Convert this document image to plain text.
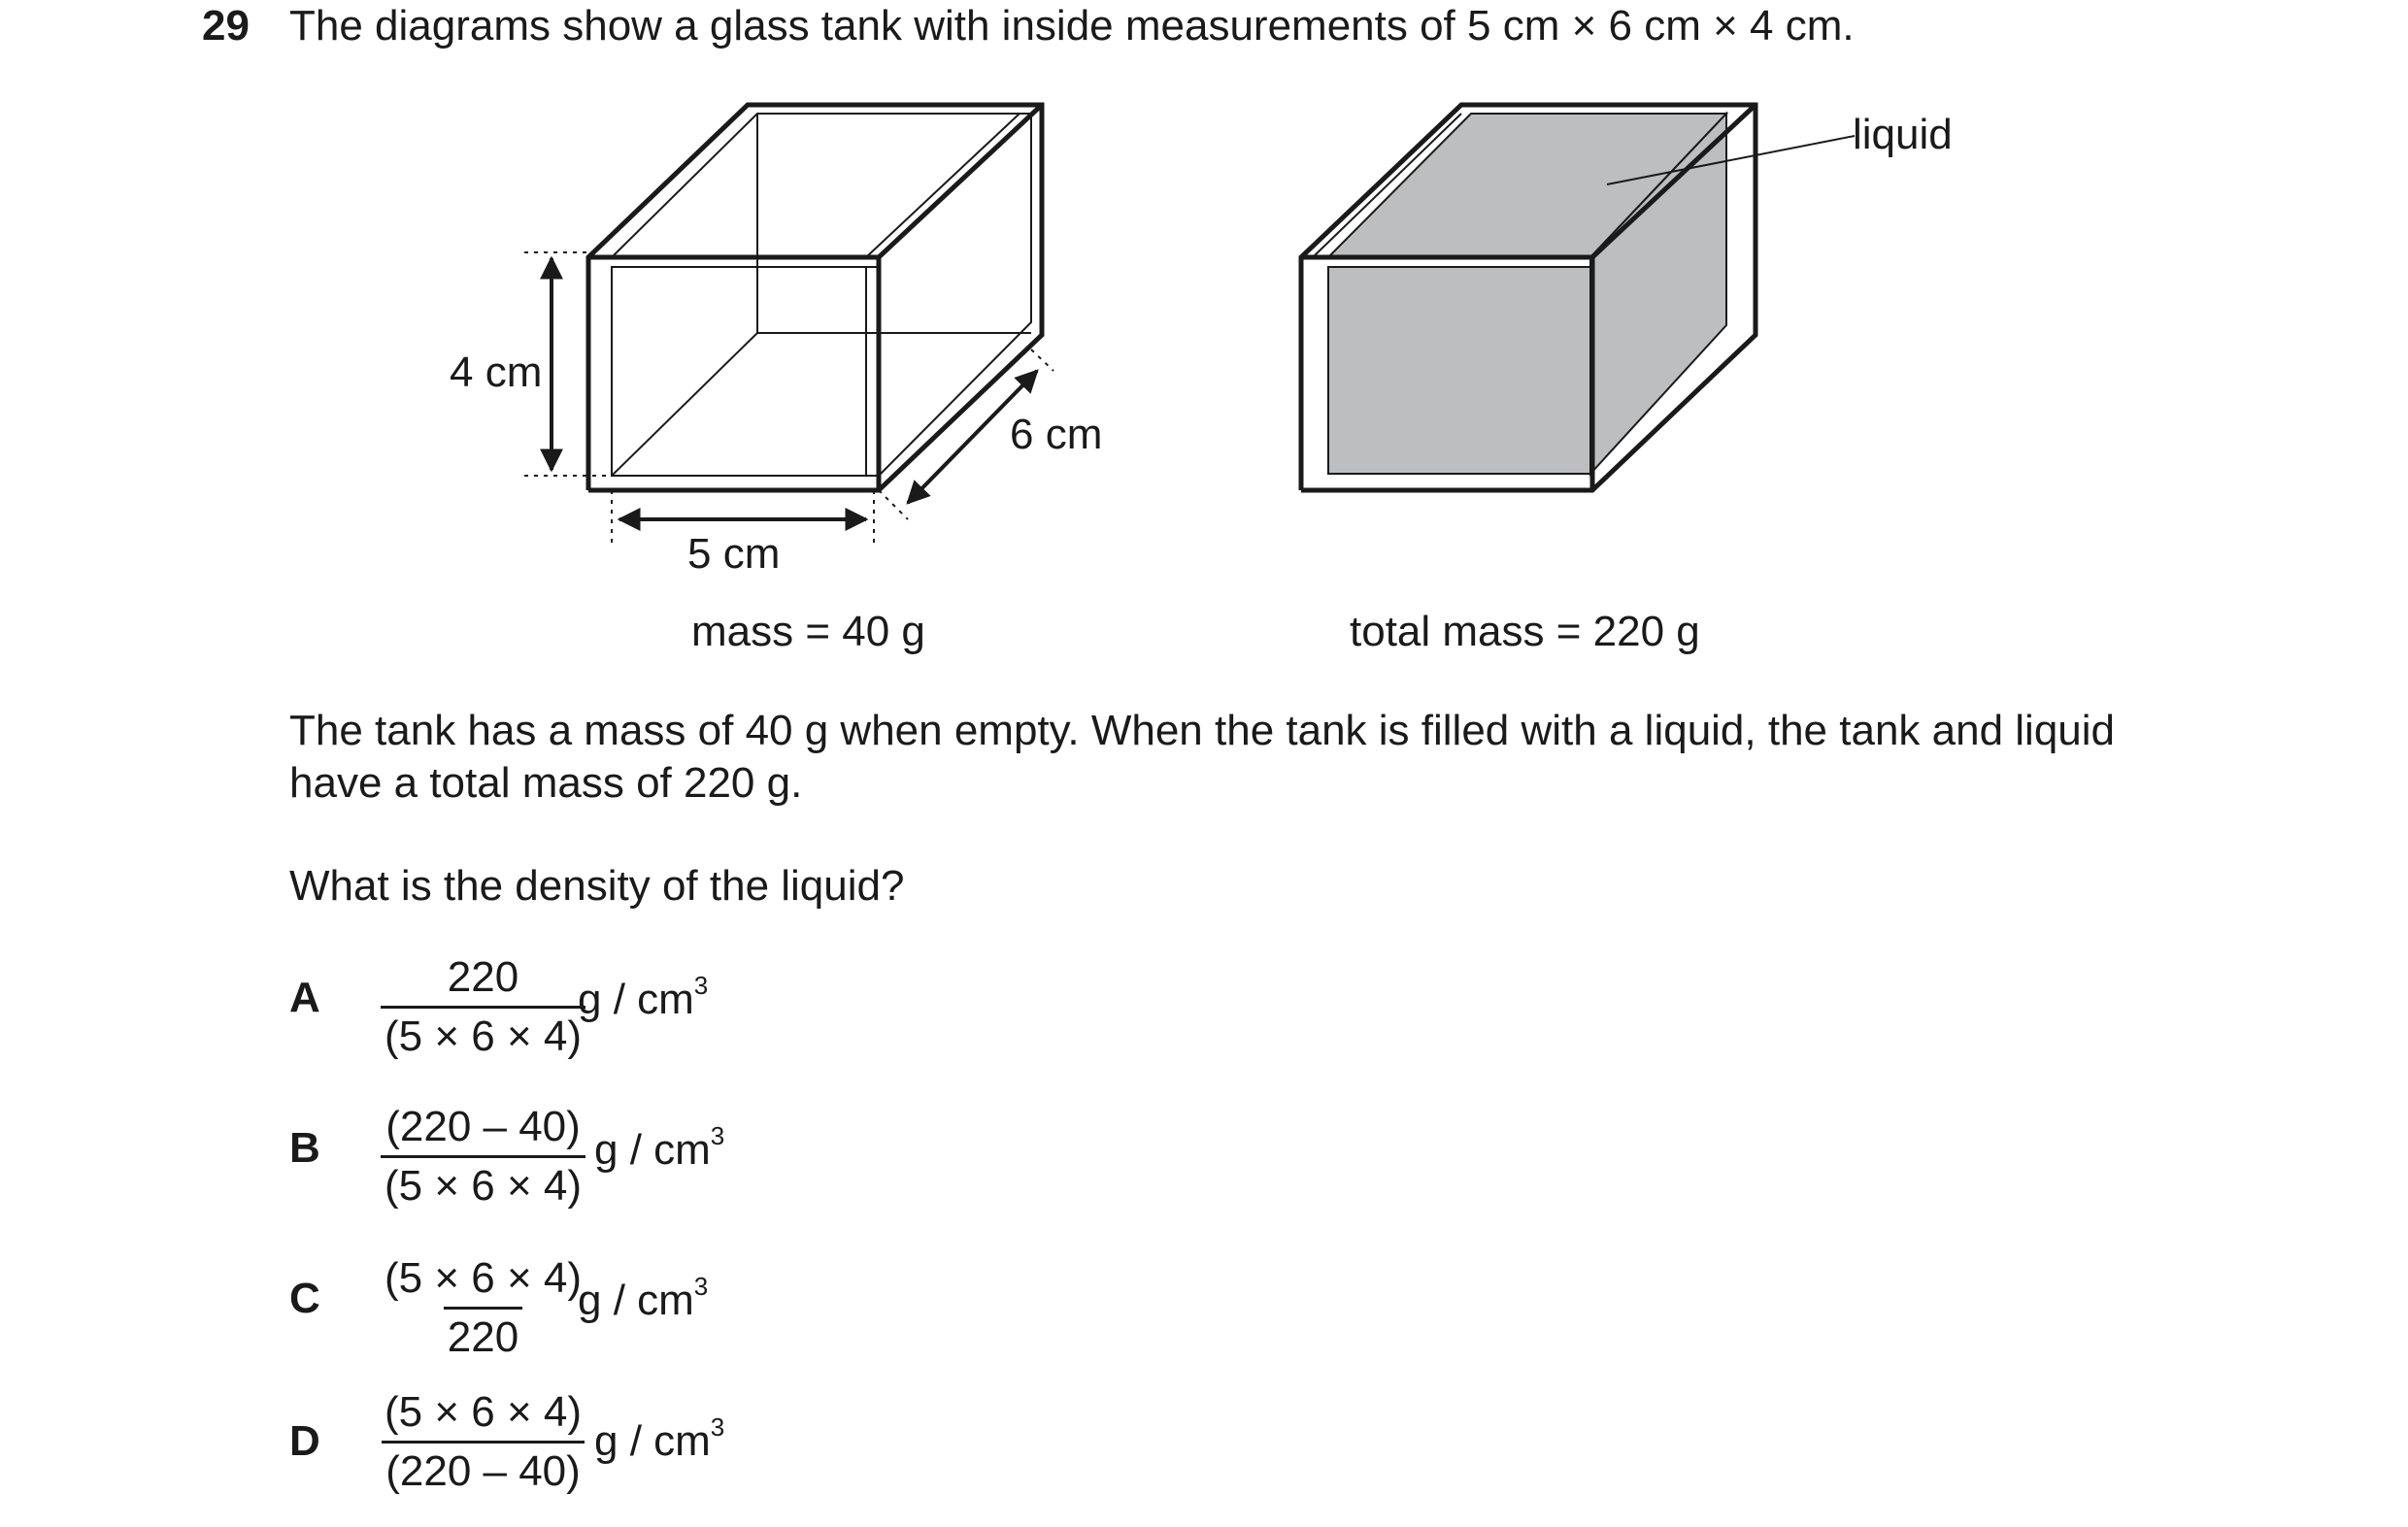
29 The diagrams show a glass tank with inside measurements of 5 cm × 6 cm × 4 cm.
4 cm
5 cm
6 cm
mass = 40 g
liquid
total mass = 220 g
The tank has a mass of 40 g when empty. When the tank is filled with a liquid, the tank and liquid
have a total mass of 220 g.
What is the density of the liquid?
A $\frac{220}{(5 \times 6 \times 4)}$
g / $cm^3$
B $\frac{(220 - 40)}{(5 \times 6 \times 4)}$ g / $cm^3$
C $\frac{(5 \times 6 \times 4)}{220}$
g / $cm^3$
D $\frac{(5 \times 6 \times 4)}{(220 - 40)}$ g / $cm^3$
